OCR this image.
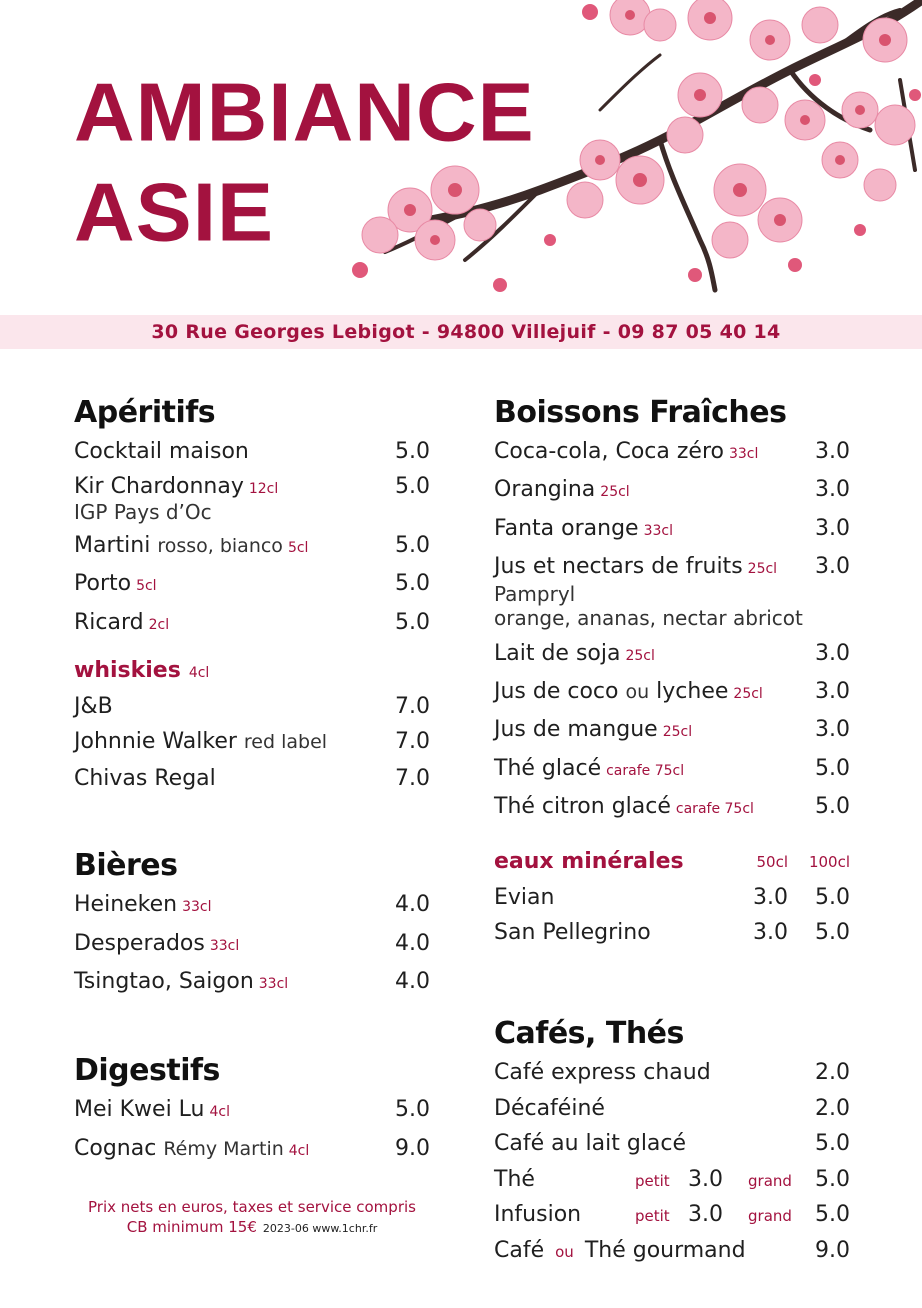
AMBIANCE
ASIE
30 Rue Georges Lebigot - 94800 Villejuif - 09 87 05 40 14
Apéritifs
Cocktail maison	5.0
Kir Chardonnay 12cl	5.0
IGP Pays d’Oc
Martini rosso, bianco 5cl	5.0
Porto 5cl	5.0
Ricard 2cl	5.0
whiskies 4cl
J&B	7.0
Johnnie Walker red label	7.0
Chivas Regal	7.0
Bières
Heineken 33cl	4.0
Desperados 33cl	4.0
Tsingtao, Saigon 33cl	4.0
Digestifs
Mei Kwei Lu 4cl	5.0
Cognac Rémy Martin 4cl	9.0
Boissons Fraîches
Coca-cola, Coca zéro 33cl	3.0
Orangina 25cl	3.0
Fanta orange 33cl	3.0
Jus et nectars de fruits 25cl 3.0
Pampryl
orange, ananas, nectar abricot
Lait de soja 25cl	3.0
Jus de coco ou lychee 25cl 3.0
Jus de mangue 25cl	3.0
Thé glacé carafe 75cl	5.0
Thé citron glacé carafe 75cl	5.0
eaux minérales	50cl 100cl
Evian	3.0 5.0
San Pellegrino	3.0 5.0
Cafés, Thés
Café express chaud	2.0
Décaféiné	2.0
Café au lait glacé	5.0
Thé	petit 3.0 grand 5.0
Infusion	petit 3.0 grand 5.0
Café ou Thé gourmand	9.0
Prix nets en euros, taxes et service compris
CB minimum 15€ 2023-06 www.1chr.fr
